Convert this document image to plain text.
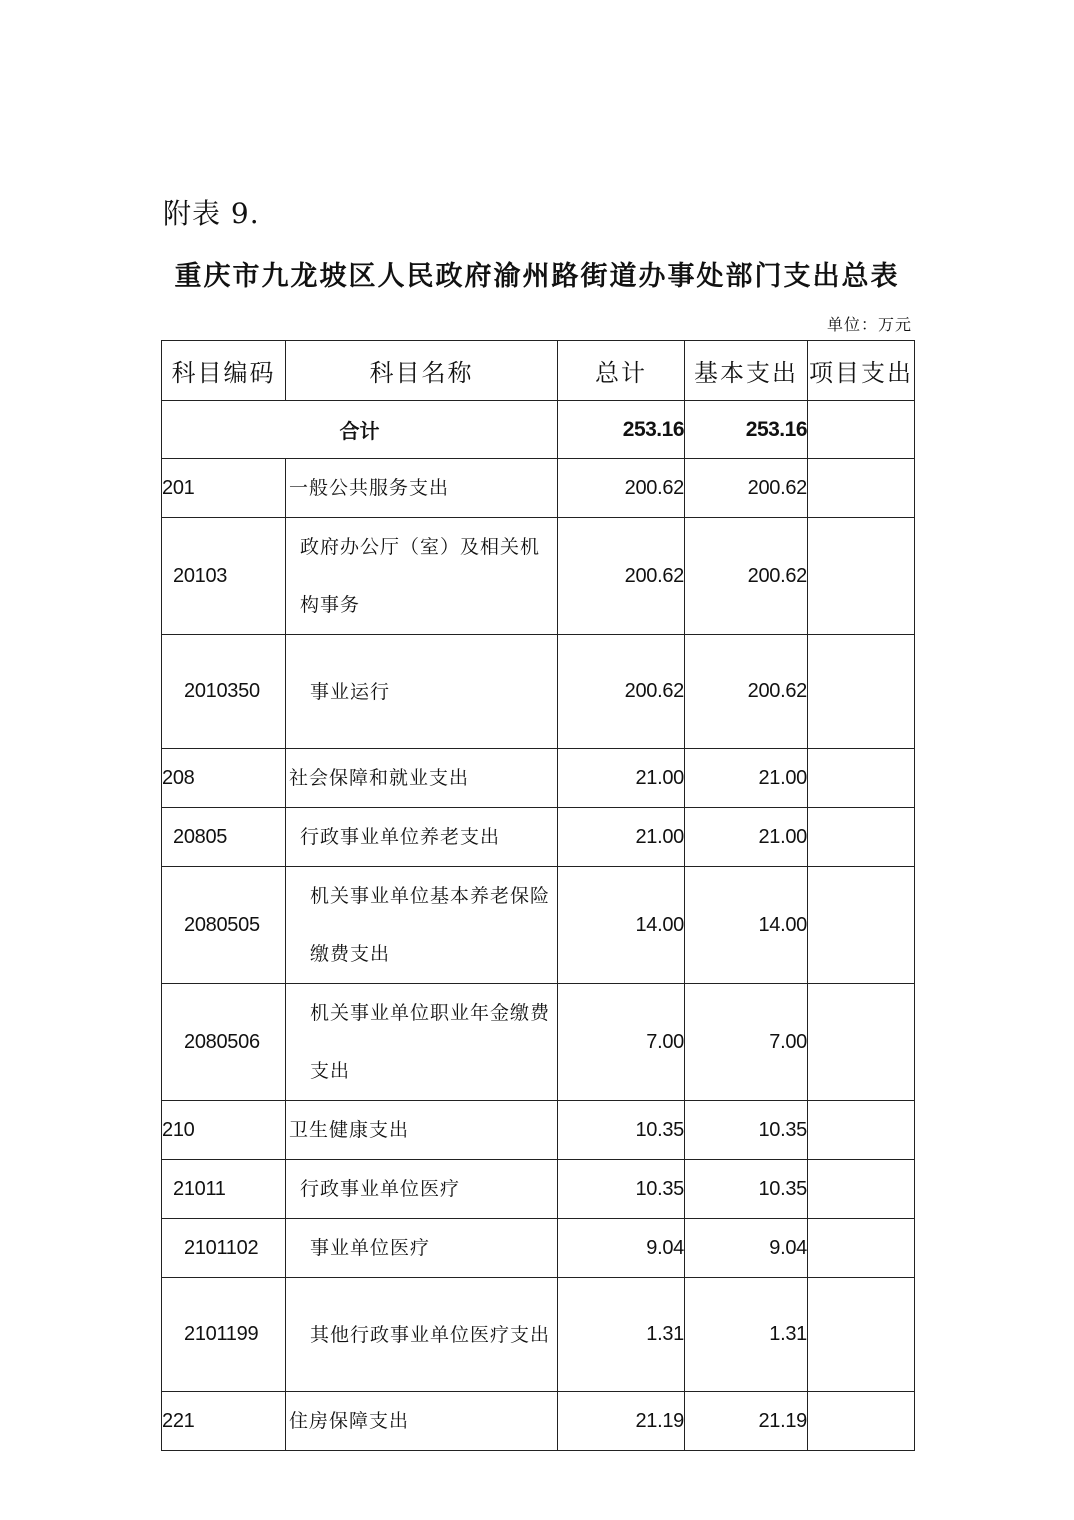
附表 9.
重庆市九龙坡区人民政府渝州路街道办事处部门支出总表
单位：万元
科目编码	科目名称	总计	基本支出	项目支出
合计		253.16	253.16	
201	一般公共服务支出	200.62	200.62	
20103	政府办公厅（室）及相关机构事务	200.62	200.62	
2010350	事业运行	200.62	200.62	
208	社会保障和就业支出	21.00	21.00	
20805	行政事业单位养老支出	21.00	21.00	
2080505	机关事业单位基本养老保险缴费支出	14.00	14.00	
2080506	机关事业单位职业年金缴费支出	7.00	7.00	
210	卫生健康支出	10.35	10.35	
21011	行政事业单位医疗	10.35	10.35	
2101102	事业单位医疗	9.04	9.04	
2101199	其他行政事业单位医疗支出	1.31	1.31	
221	住房保障支出	21.19	21.19	
